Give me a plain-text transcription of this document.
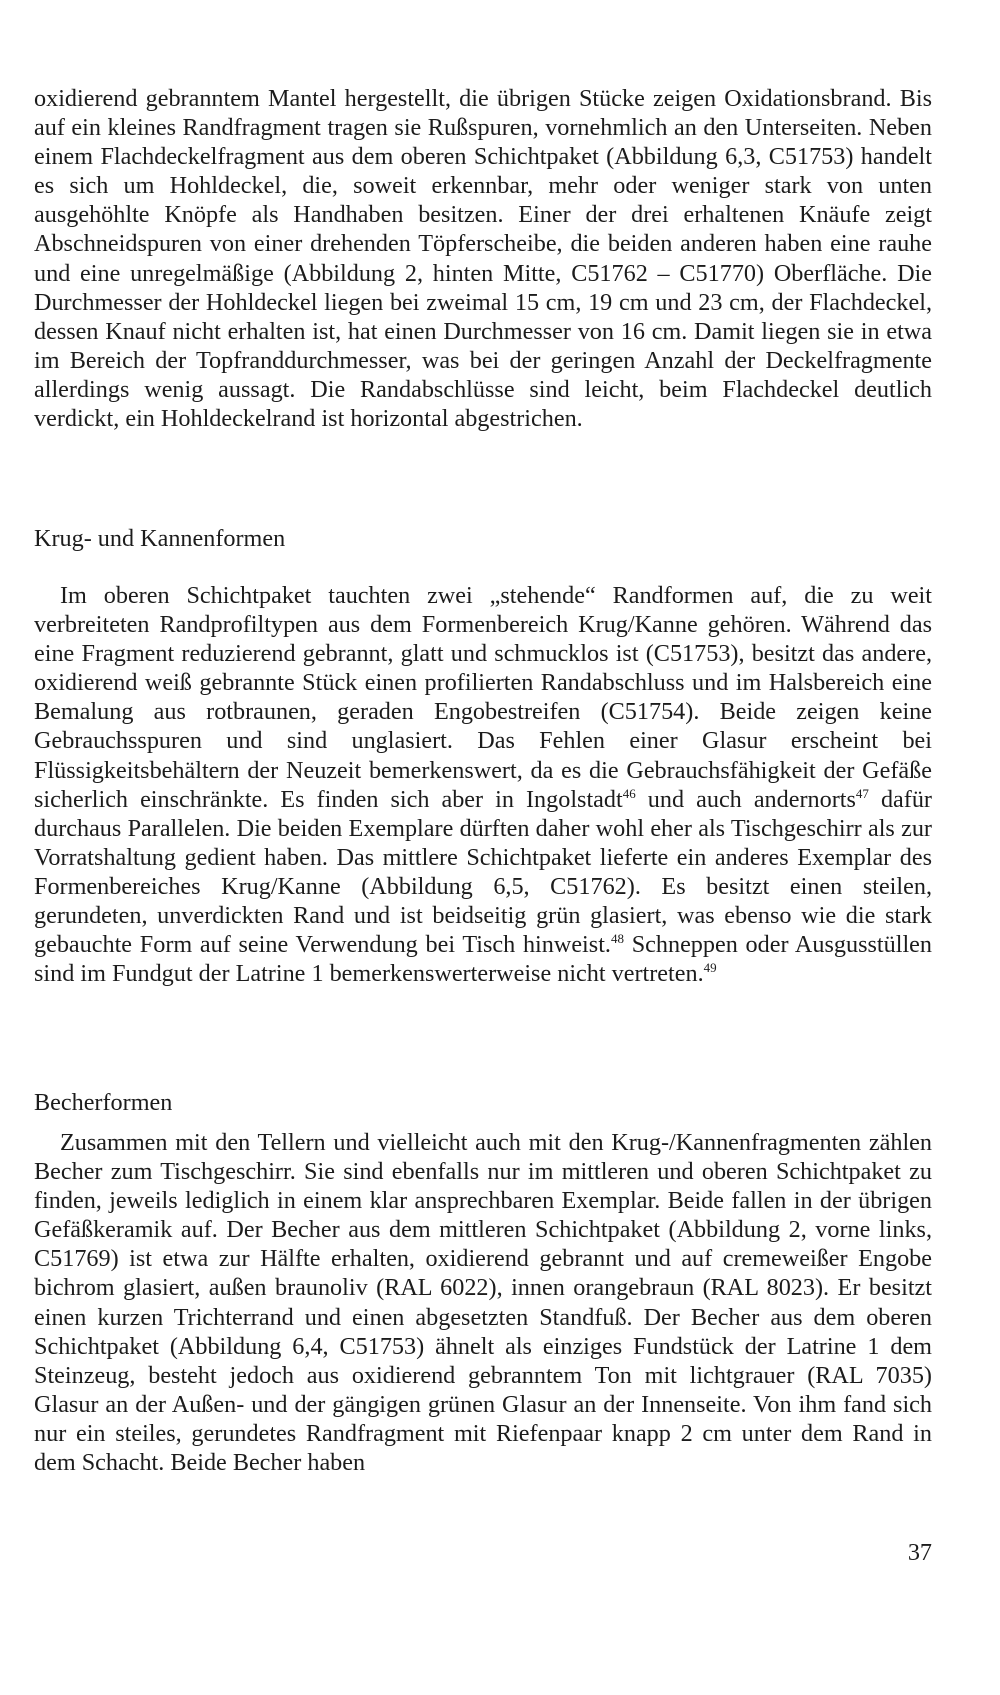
oxidierend gebranntem Mantel hergestellt, die übrigen Stücke zeigen Oxidationsbrand. Bis auf ein kleines Randfragment tragen sie Rußspuren, vornehmlich an den Unterseiten. Neben einem Flachdeckelfragment aus dem oberen Schichtpaket (Abbildung 6,3, C51753) handelt es sich um Hohldeckel, die, soweit erkennbar, mehr oder weniger stark von unten ausgehöhlte Knöpfe als Handhaben besitzen. Einer der drei erhaltenen Knäufe zeigt Abschneidspuren von einer drehenden Töpferscheibe, die beiden anderen haben eine rauhe und eine unregelmäßige (Abbildung 2, hinten Mitte, C51762 – C51770) Oberfläche. Die Durchmesser der Hohldeckel liegen bei zweimal 15 cm, 19 cm und 23 cm, der Flachdeckel, dessen Knauf nicht erhalten ist, hat einen Durchmesser von 16 cm. Damit liegen sie in etwa im Bereich der Topfranddurchmesser, was bei der geringen Anzahl der Deckelfragmente allerdings wenig aussagt. Die Randabschlüsse sind leicht, beim Flachdeckel deutlich verdickt, ein Hohldeckelrand ist horizontal abgestrichen.

Krug- und Kannenformen

Im oberen Schichtpaket tauchten zwei „stehende“ Randformen auf, die zu weit verbreiteten Randprofiltypen aus dem Formenbereich Krug/Kanne gehören. Während das eine Fragment reduzierend gebrannt, glatt und schmucklos ist (C51753), besitzt das andere, oxidierend weiß gebrannte Stück einen profilierten Randabschluss und im Halsbereich eine Bemalung aus rotbraunen, geraden Engobestreifen (C51754). Beide zeigen keine Gebrauchsspuren und sind unglasiert. Das Fehlen einer Glasur erscheint bei Flüssigkeitsbehältern der Neuzeit bemerkenswert, da es die Gebrauchsfähigkeit der Gefäße sicherlich einschränkte. Es finden sich aber in Ingolstadt$^{46}$ und auch andernorts$^{47}$ dafür durchaus Parallelen. Die beiden Exemplare dürften daher wohl eher als Tischgeschirr als zur Vorratshaltung gedient haben. Das mittlere Schichtpaket lieferte ein anderes Exemplar des Formenbereiches Krug/Kanne (Abbildung 6,5, C51762). Es besitzt einen steilen, gerundeten, unverdickten Rand und ist beidseitig grün glasiert, was ebenso wie die stark gebauchte Form auf seine Verwendung bei Tisch hinweist.$^{48}$ Schneppen oder Ausgusstüllen sind im Fundgut der Latrine 1 bemerkenswerterweise nicht vertreten.$^{49}$

Becherformen

Zusammen mit den Tellern und vielleicht auch mit den Krug-/Kannenfragmenten zählen Becher zum Tischgeschirr. Sie sind ebenfalls nur im mittleren und oberen Schichtpaket zu finden, jeweils lediglich in einem klar ansprechbaren Exemplar. Beide fallen in der übrigen Gefäßkeramik auf. Der Becher aus dem mittleren Schichtpaket (Abbildung 2, vorne links, C51769) ist etwa zur Hälfte erhalten, oxidierend gebrannt und auf cremeweißer Engobe bichrom glasiert, außen braunoliv (RAL 6022), innen orangebraun (RAL 8023). Er besitzt einen kurzen Trichterrand und einen abgesetzten Standfuß. Der Becher aus dem oberen Schichtpaket (Abbildung 6,4, C51753) ähnelt als einziges Fundstück der Latrine 1 dem Steinzeug, besteht jedoch aus oxidierend gebranntem Ton mit lichtgrauer (RAL 7035) Glasur an der Außen- und der gängigen grünen Glasur an der Innenseite. Von ihm fand sich nur ein steiles, gerundetes Randfragment mit Riefenpaar knapp 2 cm unter dem Rand in dem Schacht. Beide Becher haben

37
